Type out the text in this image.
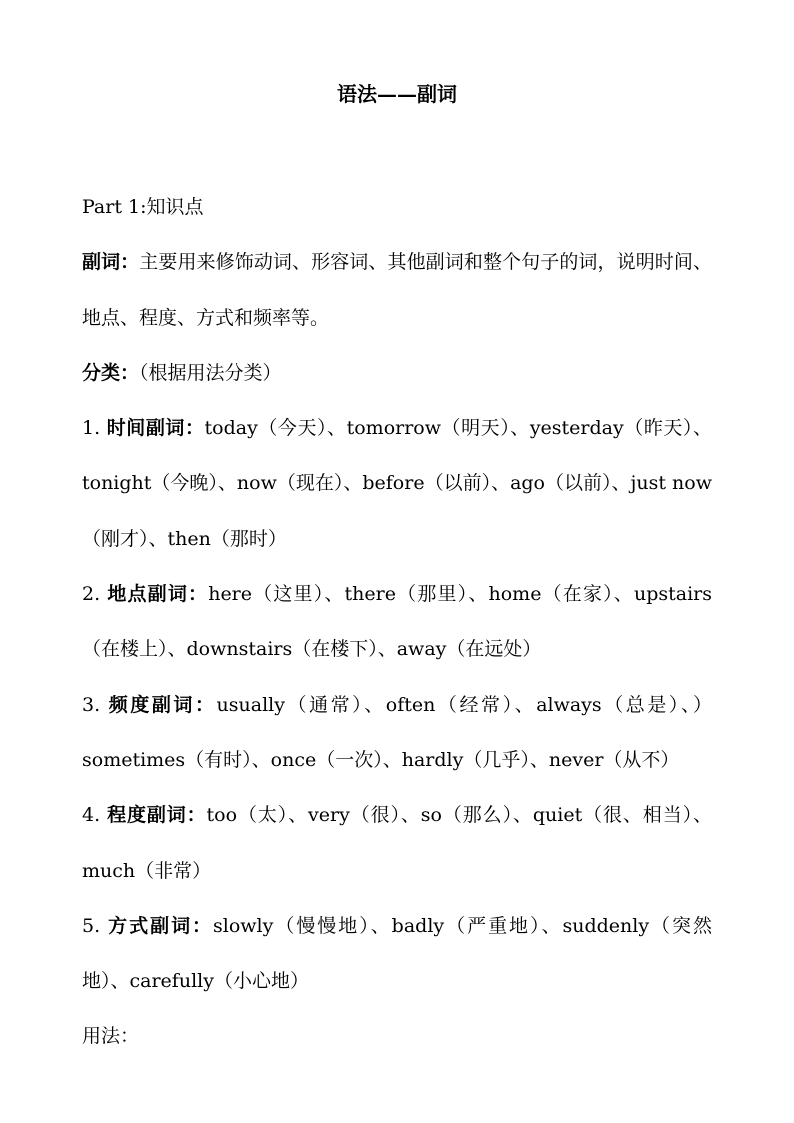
语法——副词

Part 1:知识点

副词：主要用来修饰动词、形容词、其他副词和整个句子的词，说明时间、地点、程度、方式和频率等。

分类：（根据用法分类）

1. 时间副词：today（今天）、tomorrow（明天）、yesterday（昨天）、tonight（今晚）、now（现在）、before（以前）、ago（以前）、just now（刚才）、then（那时）

2. 地点副词：here（这里）、there（那里）、home（在家）、upstairs（在楼上）、downstairs（在楼下）、away（在远处）

3. 频度副词：usually（通常）、often（经常）、always（总是）、）sometimes（有时）、once（一次）、hardly（几乎）、never（从不）

4. 程度副词：too（太）、very（很）、so（那么）、quiet（很、相当）、much（非常）

5. 方式副词：slowly（慢慢地）、badly（严重地）、suddenly（突然地）、carefully（小心地）

用法：
